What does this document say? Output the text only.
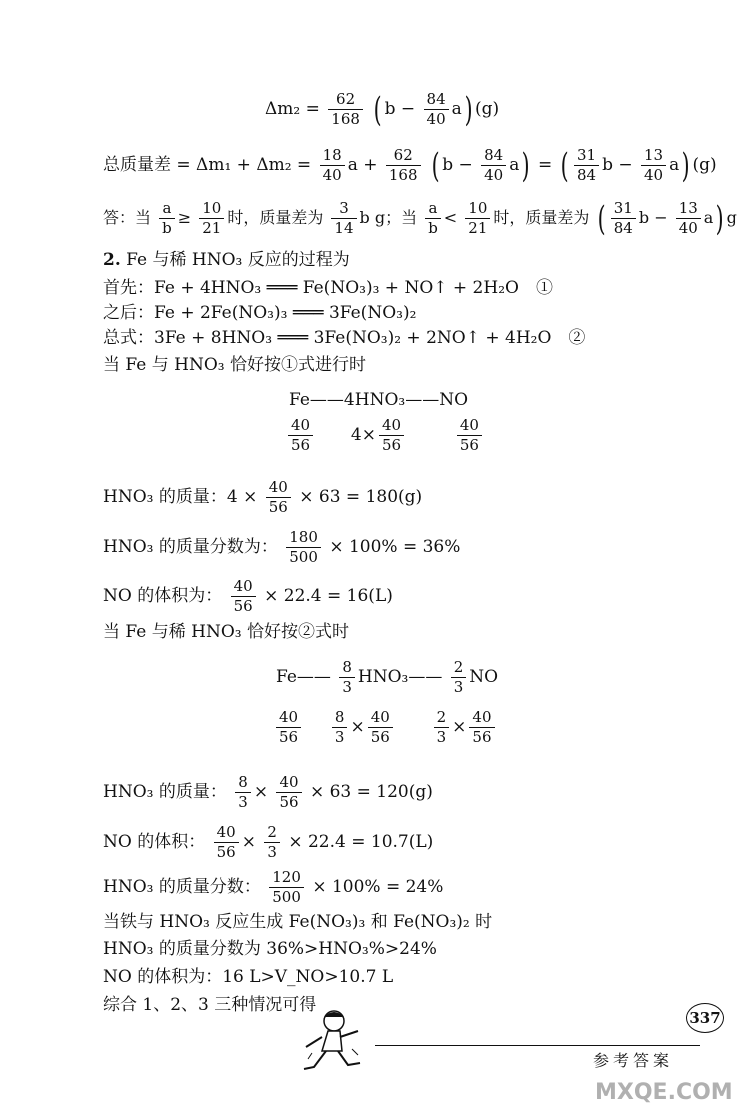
$\Delta m_2 = \frac{62}{168}$ ( $b - \frac{84}{40} a$) (g)
总质量差 = $\Delta m_1 + \Delta m_2 = \frac{18}{40}$ $a + \frac{62}{168}$ ( $b - \frac{84}{40} a$) = ( $\frac{31}{84}$ $b - \frac{13}{40} a$) (g)
答：当 $\frac{a}{b} \ge \frac{10}{21}$ 时，质量差为 $\frac{3}{14}$ b g；当 $\frac{a}{b} < \frac{10}{21}$ 时，质量差为 ( $\frac{31}{84}$ $b - \frac{13}{40} a$) g
2. Fe 与稀 HNO₃ 反应的过程为
首先：Fe + 4HNO₃ ═══ Fe(NO₃)₃ + NO↑ + 2H₂O　①
之后：Fe + 2Fe(NO₃)₃ ═══ 3Fe(NO₃)₂
总式：3Fe + 8HNO₃ ═══ 3Fe(NO₃)₂ + 2NO↑ + 4H₂O　②
当 Fe 与 HNO₃ 恰好按①式进行时
Fe——4HNO₃——NO
$\frac{40}{56} 4\times \frac{40}{56}$
	$\frac{40}{56}$
HNO₃ 的质量：$4 \times \frac{40}{56} \times 63 = 180(g)$
HNO₃ 的质量分数为： $\frac{180}{500} \times 100\% = 36\%$
NO 的体积为： $\frac{40}{56} \times 22.4 = 16(L)$
当 Fe 与稀 HNO₃ 恰好按②式时
Fe—— $\frac{8}{3}$ HNO₃—— $\frac{2}{3}$ NO
$\frac{40}{56}$
$\frac{8}{3} \times \frac{40}{56}$
	$\frac{2}{3} \times \frac{40}{56}$
HNO₃ 的质量： $\frac{8}{3} \times \frac{40}{56} \times 63 = 120(g)$
NO 的体积： $\frac{40}{56} \times \frac{2}{3} \times 22.4 = 10.7(L)$
HNO₃ 的质量分数： $\frac{120}{500} \times 100\% = 24\%$
当铁与 HNO₃ 反应生成 Fe(NO₃)₃ 和 Fe(NO₃)₂ 时
HNO₃ 的质量分数为 36%>HNO₃%>24%
NO 的体积为：16 L>V_NO>10.7 L
综合 1、2、3 三种情况可得
337
参考答案
MXQE.COM
